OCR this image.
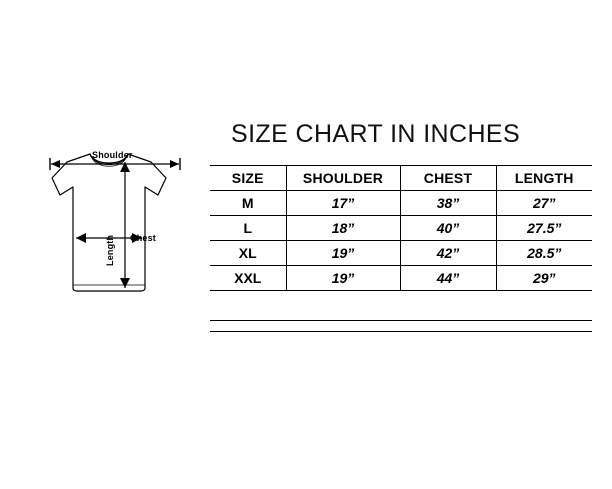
Shoulder
Chest
Length
SIZE CHART IN INCHES
SIZE	SHOULDER	CHEST	LENGTH
M	17”	38”	27”
L	18”	40”	27.5”
XL	19”	42”	28.5”
XXL	19”	44”	29”
